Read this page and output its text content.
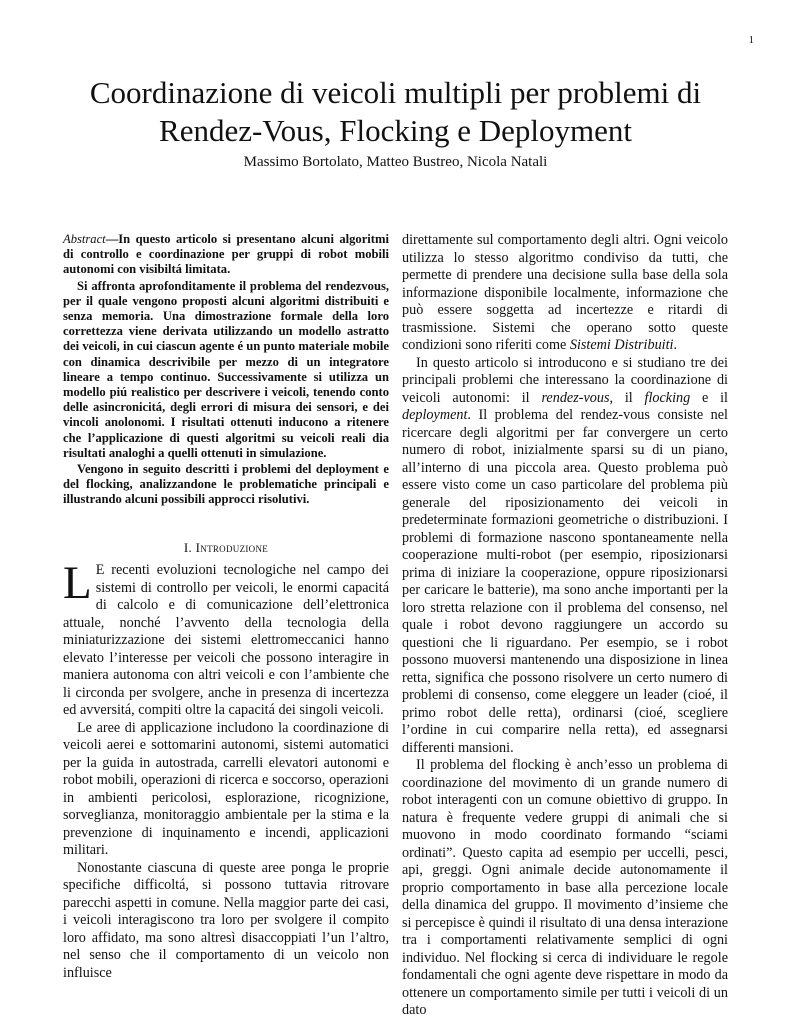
1
Coordinazione di veicoli multipli per problemi di
Rendez-Vous, Flocking e Deployment
Massimo Bortolato, Matteo Bustreo, Nicola Natali

Abstract—In questo articolo si presentano alcuni algoritmi di controllo e coordinazione per gruppi di robot mobili autonomi con visibiltá limitata.

Si affronta aprofonditamente il problema del rendezvous, per il quale vengono proposti alcuni algoritmi distribuiti e senza memoria. Una dimostrazione formale della loro correttezza viene derivata utilizzando un modello astratto dei veicoli, in cui ciascun agente é un punto materiale mobile con dinamica descrivibile per mezzo di un integratore lineare a tempo continuo. Successivamente si utilizza un modello piú realistico per descrivere i veicoli, tenendo conto delle asincronicitá, degli errori di misura dei sensori, e dei vincoli anolonomi. I risultati ottenuti inducono a ritenere che l’applicazione di questi algoritmi su veicoli reali dia risultati analoghi a quelli ottenuti in simulazione.

Vengono in seguito descritti i problemi del deployment e del flocking, analizzandone le problematiche principali e illustrando alcuni possibili approcci risolutivi.

I. Introduzione

L E recenti evoluzioni tecnologiche nel campo dei sistemi di controllo per veicoli, le enormi capacitá di calcolo e di comunicazione dell’elettronica attuale, nonché l’avvento della tecnologia della miniaturizzazione dei sistemi elettromeccanici hanno elevato l’interesse per veicoli che possono interagire in maniera autonoma con altri veicoli e con l’ambiente che li circonda per svolgere, anche in presenza di incertezza ed avversitá, compiti oltre la capacitá dei singoli veicoli.

Le aree di applicazione includono la coordinazione di veicoli aerei e sottomarini autonomi, sistemi automatici per la guida in autostrada, carrelli elevatori autonomi e robot mobili, operazioni di ricerca e soccorso, operazioni in ambienti pericolosi, esplorazione, ricognizione, sorveglianza, monitoraggio ambientale per la stima e la prevenzione di inquinamento e incendi, applicazioni militari.

Nonostante ciascuna di queste aree ponga le proprie specifiche difficoltá, si possono tuttavia ritrovare parecchi aspetti in comune. Nella maggior parte dei casi, i veicoli interagiscono tra loro per svolgere il compito loro affidato, ma sono altresì disaccoppiati l’un l’altro, nel senso che il comportamento di un veicolo non influisce

direttamente sul comportamento degli altri. Ogni veicolo utilizza lo stesso algoritmo condiviso da tutti, che permette di prendere una decisione sulla base della sola informazione disponibile localmente, informazione che può essere soggetta ad incertezze e ritardi di trasmissione. Sistemi che operano sotto queste condizioni sono riferiti come Sistemi Distribuiti.

In questo articolo si introducono e si studiano tre dei principali problemi che interessano la coordinazione di veicoli autonomi: il rendez-vous, il flocking e il deployment. Il problema del rendez-vous consiste nel ricercare degli algoritmi per far convergere un certo numero di robot, inizialmente sparsi su di un piano, all’interno di una piccola area. Questo problema può essere visto come un caso particolare del problema più generale del riposizionamento dei veicoli in predeterminate formazioni geometriche o distribuzioni. I problemi di formazione nascono spontaneamente nella cooperazione multi-robot (per esempio, riposizionarsi prima di iniziare la cooperazione, oppure riposizionarsi per caricare le batterie), ma sono anche importanti per la loro stretta relazione con il problema del consenso, nel quale i robot devono raggiungere un accordo su questioni che li riguardano. Per esempio, se i robot possono muoversi mantenendo una disposizione in linea retta, significa che possono risolvere un certo numero di problemi di consenso, come eleggere un leader (cioé, il primo robot delle retta), ordinarsi (cioé, scegliere l’ordine in cui comparire nella retta), ed assegnarsi differenti mansioni.

Il problema del flocking è anch’esso un problema di coordinazione del movimento di un grande numero di robot interagenti con un comune obiettivo di gruppo. In natura è frequente vedere gruppi di animali che si muovono in modo coordinato formando “sciami ordinati”. Questo capita ad esempio per uccelli, pesci, api, greggi. Ogni animale decide autonomamente il proprio comportamento in base alla percezione locale della dinamica del gruppo. Il movimento d’insieme che si percepisce è quindi il risultato di una densa interazione tra i comportamenti relativamente semplici di ogni individuo. Nel flocking si cerca di individuare le regole fondamentali che ogni agente deve rispettare in modo da ottenere un comportamento simile per tutti i veicoli di un dato
